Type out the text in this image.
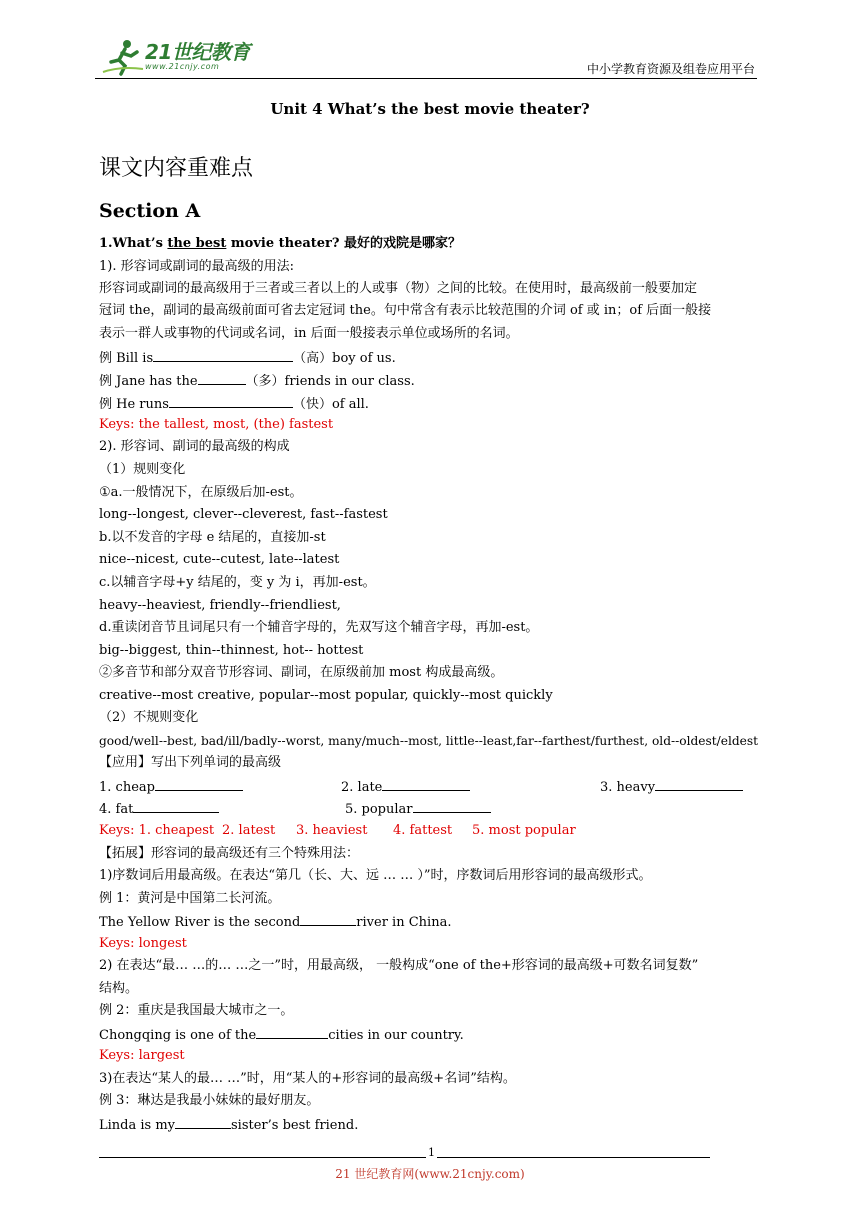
21世纪教育
www.21cnjy.com	中小学教育资源及组卷应用平台
Unit 4 What’s the best movie theater?
课文内容重难点
Section A
1.What’s the best movie theater? 最好的戏院是哪家？
1). 形容词或副词的最高级的用法:
形容词或副词的最高级用于三者或三者以上的人或事（物）之间的比较。在使用时，最高级前一般要加定
冠词 the，副词的最高级前面可省去定冠词 the。句中常含有表示比较范围的介词 of 或 in；of 后面一般接
表示一群人或事物的代词或名词，in 后面一般接表示单位或场所的名词。
例 Bill is	（高）boy of us.
例 Jane has the	（多）friends in our class.
例 He runs	（快）of all.
Keys: the tallest, most, (the) fastest
2). 形容词、副词的最高级的构成
（1）规则变化
①a.一般情况下，在原级后加-est。
long--longest, clever--cleverest, fast--fastest
b.以不发音的字母 e 结尾的，直接加-st
nice--nicest, cute--cutest, late--latest
c.以辅音字母+y 结尾的，变 y 为 i，再加-est。
heavy--heaviest, friendly--friendliest,
d.重读闭音节且词尾只有一个辅音字母的，先双写这个辅音字母，再加-est。
big--biggest, thin--thinnest, hot-- hottest
②多音节和部分双音节形容词、副词，在原级前加 most 构成最高级。
creative--most creative, popular--most popular, quickly--most quickly
（2）不规则变化
good/well--best, bad/ill/badly--worst, many/much--most, little--least,far--farthest/furthest, old--oldest/eldest
【应用】写出下列单词的最高级
1. cheap	2. late	3. heavy
4. fat	5. popular
Keys: 1. cheapest 2. latest 3. heaviest 4. fattest 5. most popular
【拓展】形容词的最高级还有三个特殊用法：
1)序数词后用最高级。在表达“第几（长、大、远 … … ）”时，序数词后用形容词的最高级形式。
例 1：黄河是中国第二长河流。
The Yellow River is the second	river in China.
Keys: longest
2) 在表达“最… …的… …之一”时，用最高级， 一般构成“one of the+形容词的最高级+可数名词复数”
结构。
例 2：重庆是我国最大城市之一。
Chongqing is one of the	cities in our country.
Keys: largest
3)在表达“某人的最… …”时，用“某人的+形容词的最高级+名词”结构。
例 3：琳达是我最小妹妹的最好朋友。
Linda is my	sister’s best friend.
1
21 世纪教育网(www.21cnjy.com)
